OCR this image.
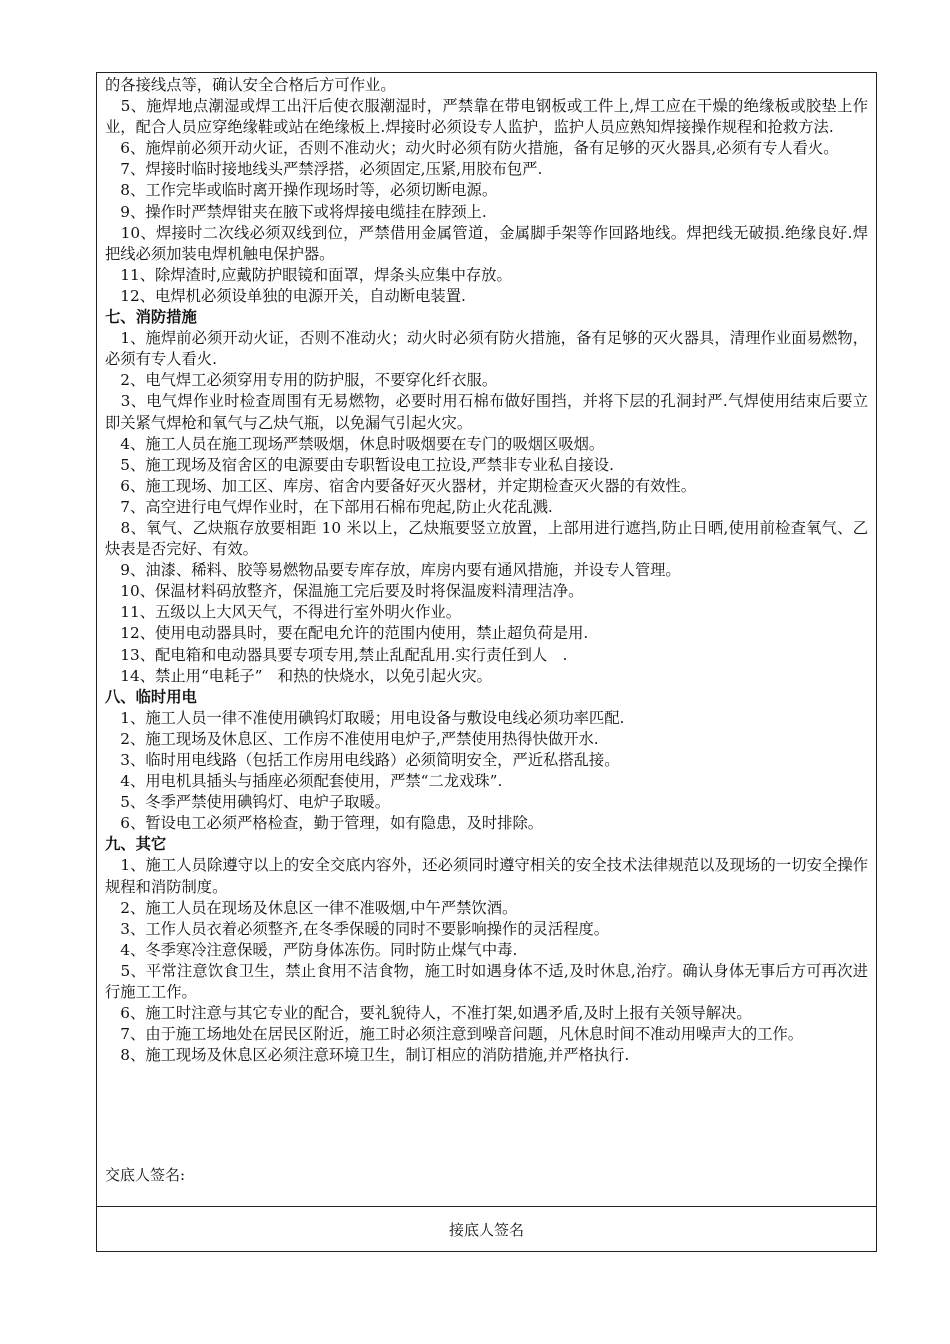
的各接线点等，确认安全合格后方可作业。

　5、施焊地点潮湿或焊工出汗后使衣服潮湿时，严禁靠在带电钢板或工件上,焊工应在干燥的绝缘板或胶垫上作业，配合人员应穿绝缘鞋或站在绝缘板上.焊接时必须设专人监护，监护人员应熟知焊接操作规程和抢救方法.

　6、施焊前必须开动火证，否则不准动火；动火时必须有防火措施，备有足够的灭火器具,必须有专人看火。

　7、焊接时临时接地线头严禁浮搭，必须固定,压紧,用胶布包严.

　8、工作完毕或临时离开操作现场时等，必须切断电源。

　9、操作时严禁焊钳夹在腋下或将焊接电缆挂在脖颈上.

　10、焊接时二次线必须双线到位，严禁借用金属管道，金属脚手架等作回路地线。焊把线无破损.绝缘良好.焊把线必须加装电焊机触电保护器。

　11、除焊渣时,应戴防护眼镜和面罩，焊条头应集中存放。

　12、电焊机必须设单独的电源开关，自动断电装置.

七、消防措施

　1、施焊前必须开动火证，否则不准动火；动火时必须有防火措施，备有足够的灭火器具，清理作业面易燃物，必须有专人看火.

　2、电气焊工必须穿用专用的防护服，不要穿化纤衣服。

　3、电气焊作业时检查周围有无易燃物，必要时用石棉布做好围挡，并将下层的孔洞封严.气焊使用结束后要立即关紧气焊枪和氧气与乙炔气瓶，以免漏气引起火灾。

　4、施工人员在施工现场严禁吸烟，休息时吸烟要在专门的吸烟区吸烟。

　5、施工现场及宿舍区的电源要由专职暂设电工拉设,严禁非专业私自接设.

　6、施工现场、加工区、库房、宿舍内要备好灭火器材，并定期检查灭火器的有效性。

　7、高空进行电气焊作业时，在下部用石棉布兜起,防止火花乱溅.

　8、氧气、乙炔瓶存放要相距 10 米以上，乙炔瓶要竖立放置，上部用进行遮挡,防止日晒,使用前检查氧气、乙炔表是否完好、有效。

　9、油漆、稀料、胶等易燃物品要专库存放，库房内要有通风措施，并设专人管理。

　10、保温材料码放整齐，保温施工完后要及时将保温废料清理洁净。

　11、五级以上大风天气，不得进行室外明火作业。

　12、使用电动器具时，要在配电允许的范围内使用，禁止超负荷是用.

　13、配电箱和电动器具要专项专用,禁止乱配乱用.实行责任到人　.

　14、禁止用“电耗子”　和热的快烧水，以免引起火灾。

八、临时用电

　1、施工人员一律不准使用碘钨灯取暖；用电设备与敷设电线必须功率匹配.

　2、施工现场及休息区、工作房不准使用电炉子,严禁使用热得快做开水.

　3、临时用电线路（包括工作房用电线路）必须简明安全，严近私搭乱接。

　4、用电机具插头与插座必须配套使用，严禁“二龙戏珠”.

　5、冬季严禁使用碘钨灯、电炉子取暖。

　6、暂设电工必须严格检查，勤于管理，如有隐患，及时排除。

九、其它

　1、施工人员除遵守以上的安全交底内容外，还必须同时遵守相关的安全技术法律规范以及现场的一切安全操作规程和消防制度。

　2、施工人员在现场及休息区一律不准吸烟,中午严禁饮酒。

　3、工作人员衣着必须整齐,在冬季保暖的同时不要影响操作的灵活程度。

　4、冬季寒冷注意保暖，严防身体冻伤。同时防止煤气中毒.

　5、平常注意饮食卫生，禁止食用不洁食物，施工时如遇身体不适,及时休息,治疗。确认身体无事后方可再次进行施工工作。

　6、施工时注意与其它专业的配合，要礼貌待人，不准打架,如遇矛盾,及时上报有关领导解决。

　7、由于施工场地处在居民区附近，施工时必须注意到噪音问题，凡休息时间不准动用噪声大的工作。

　8、施工现场及休息区必须注意环境卫生，制订相应的消防措施,并严格执行.

交底人签名:
接底人签名
